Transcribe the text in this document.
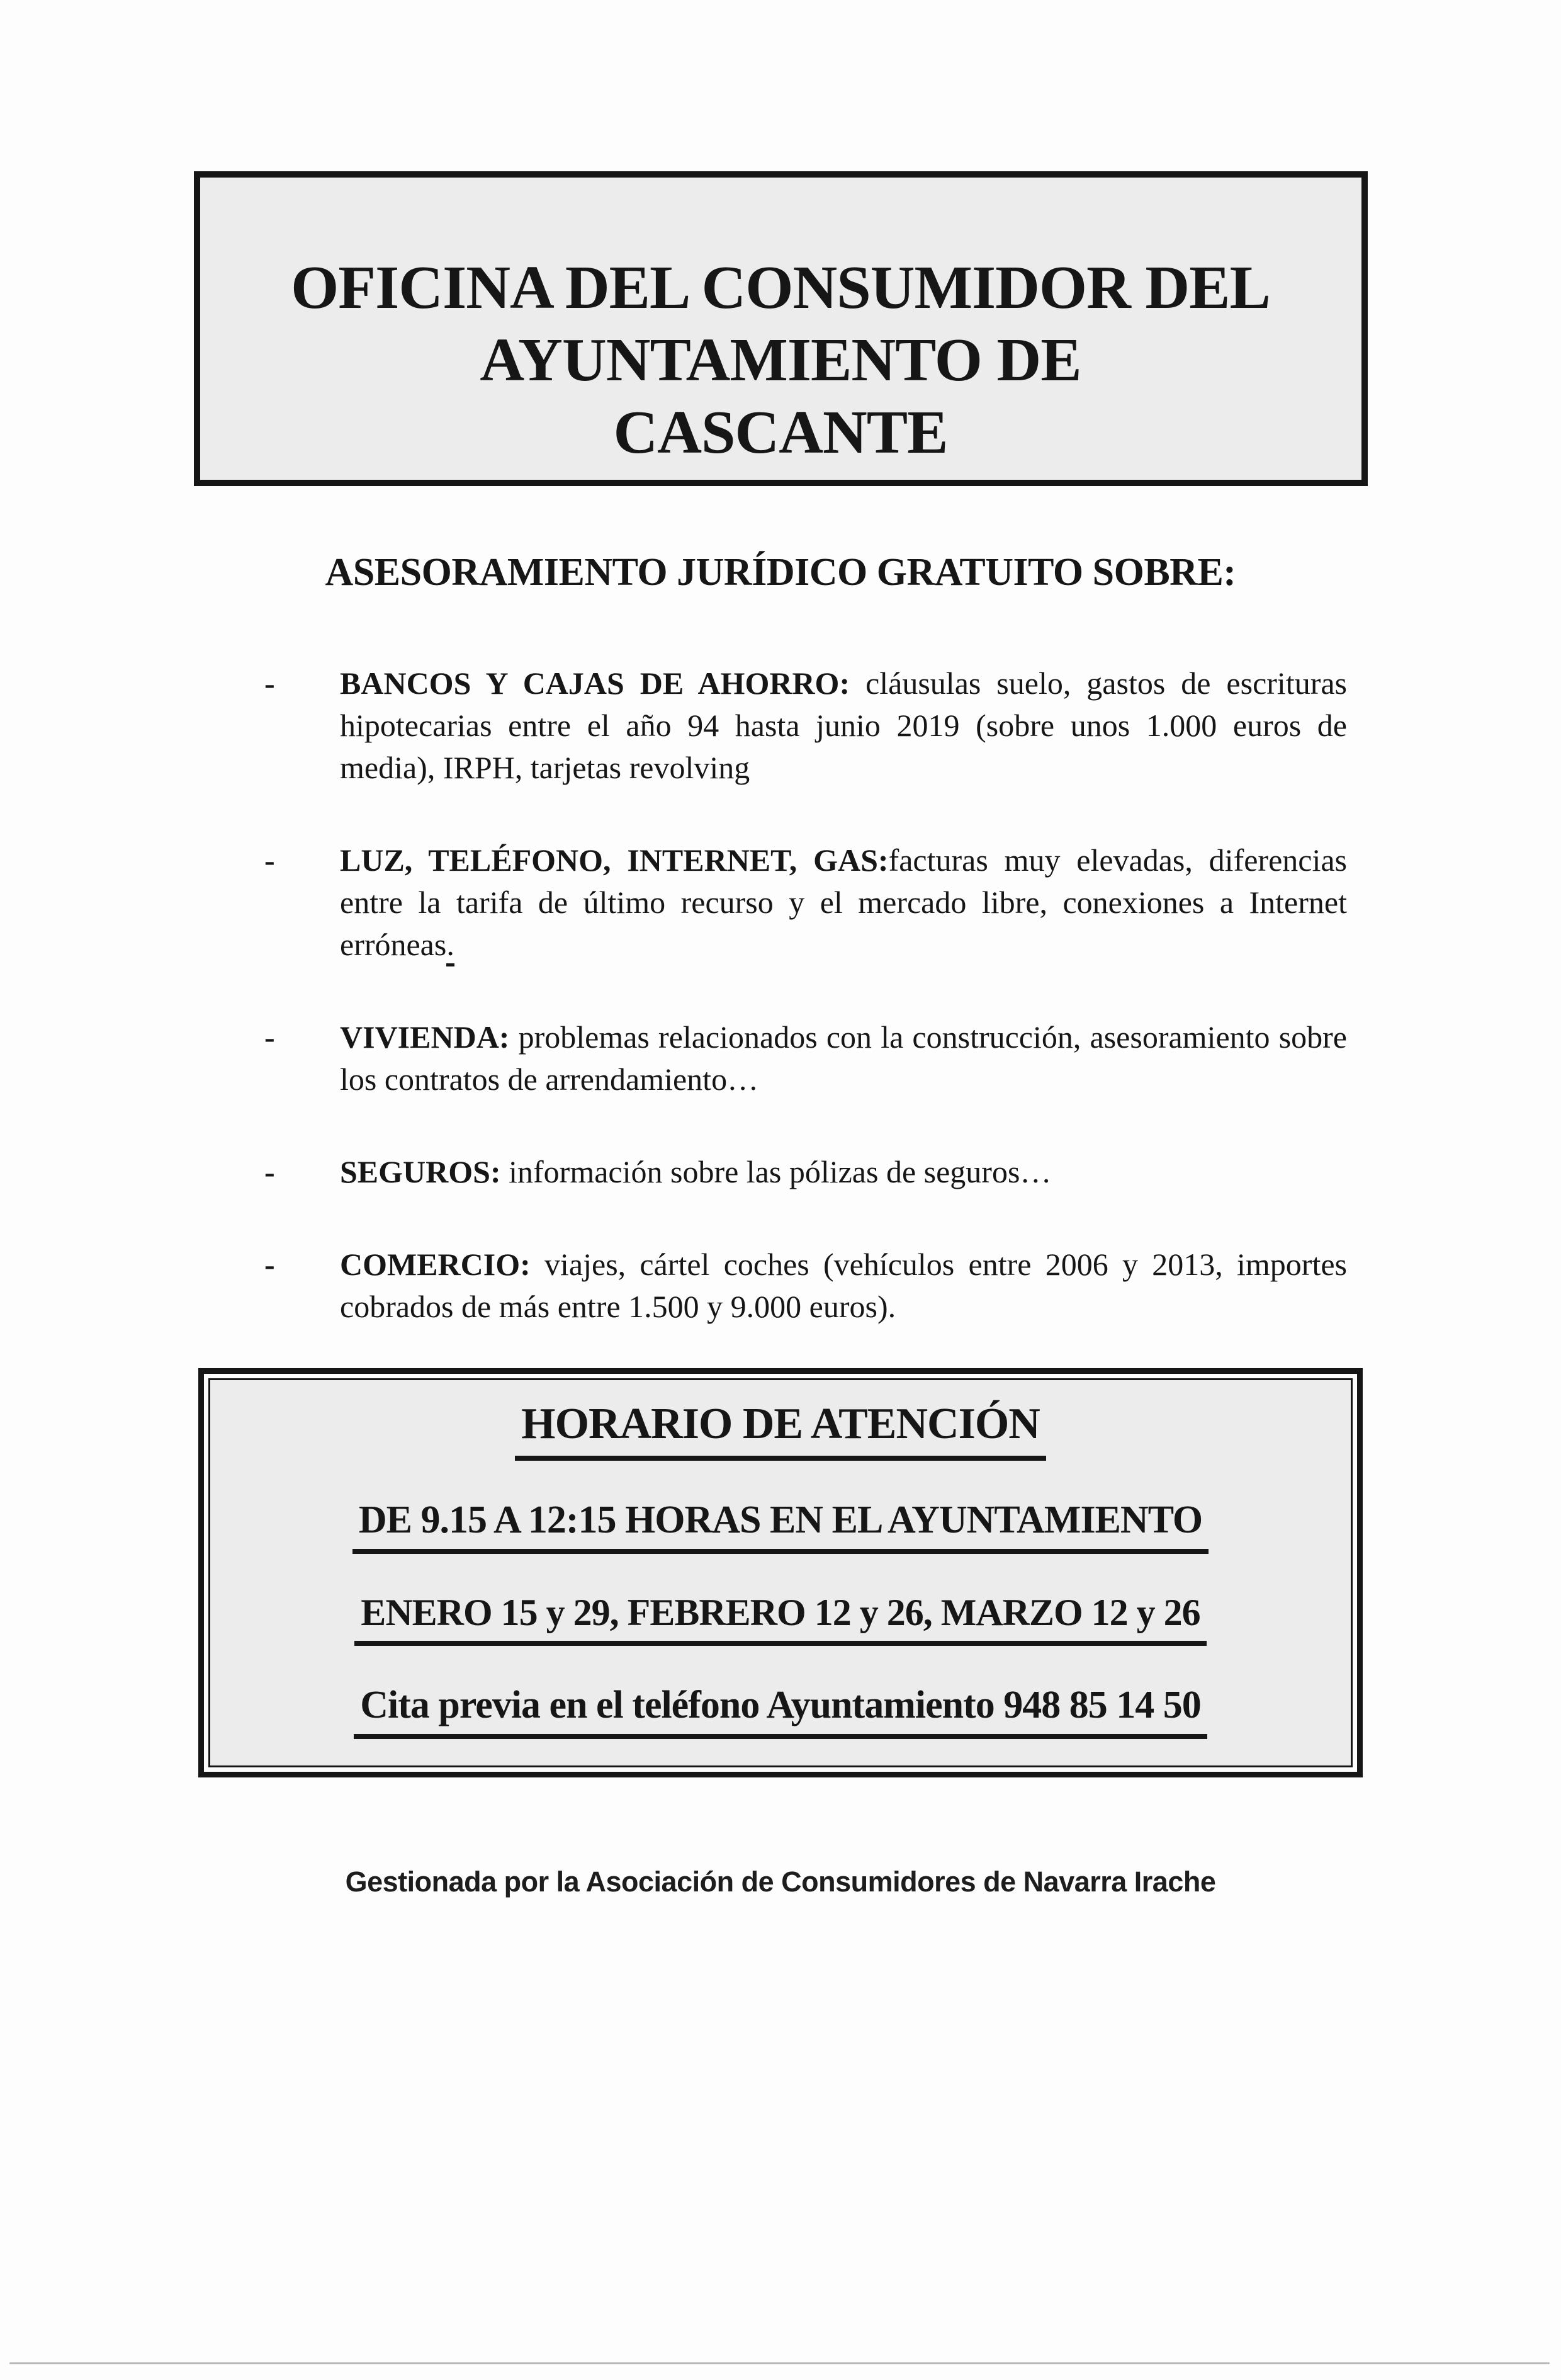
OFICINA DEL CONSUMIDOR DEL
AYUNTAMIENTO DE
CASCANTE
ASESORAMIENTO JURÍDICO GRATUITO SOBRE:
-	BANCOS Y CAJAS DE AHORRO: cláusulas suelo, gastos de escrituras hipotecarias entre el año 94 hasta junio 2019 (sobre unos 1.000 euros de media), IRPH, tarjetas revolving
-	LUZ, TELÉFONO, INTERNET, GAS:facturas muy elevadas, diferencias entre la tarifa de último recurso y el mercado libre, conexiones a Internet erróneas.
-	VIVIENDA: problemas relacionados con la construcción, asesoramiento sobre los contratos de arrendamiento…
-	SEGUROS: información sobre las pólizas de seguros…
-	COMERCIO: viajes, cártel coches (vehículos entre 2006 y 2013, importes cobrados de más entre 1.500 y 9.000 euros).
HORARIO DE ATENCIÓN
DE 9.15 A 12:15 HORAS EN EL AYUNTAMIENTO
ENERO 15 y 29, FEBRERO 12 y 26, MARZO 12 y 26
Cita previa en el teléfono Ayuntamiento 948 85 14 50
Gestionada por la Asociación de Consumidores de Navarra Irache
